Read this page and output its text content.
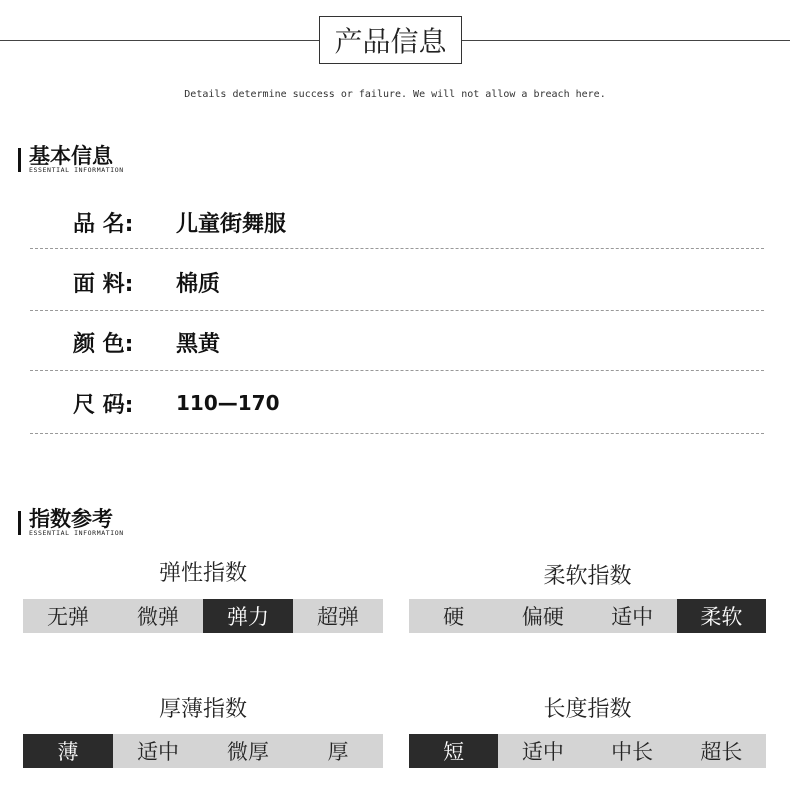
产品信息
Details determine success or failure. We will not allow a breach here.
基本信息
ESSENTIAL INFORMATION
品 名:	儿童街舞服
面 料:	棉质
颜 色:	黑黄
尺 码:	110—170
指数参考
ESSENTIAL INFORMATION
弹性指数
无弹	微弹	弹力	超弹
柔软指数
硬	偏硬	适中	柔软
厚薄指数
薄	适中	微厚	厚
长度指数
短	适中	中长	超长
